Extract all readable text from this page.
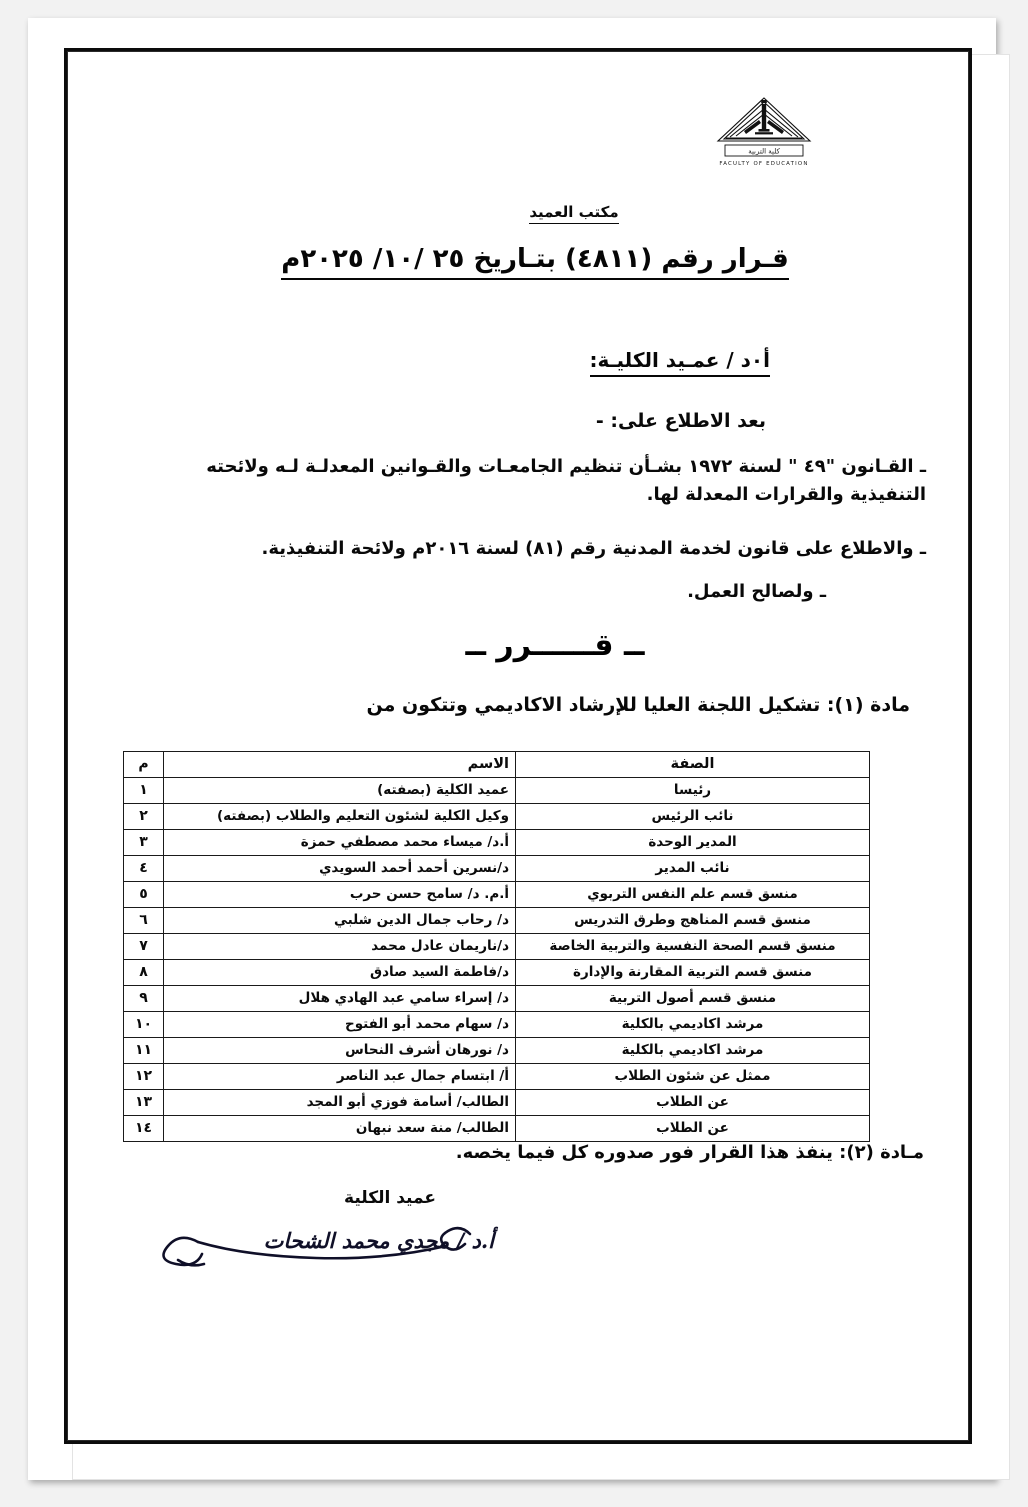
كلية التربية
FACULTY OF EDUCATION
مكتب العميد
قـرار رقم (٤٨١١) بتـاريخ ٢٥ /١٠/ ٢٠٢٥م
أ٠د / عمـيد الكليـة:
بعد الاطلاع على: -
ـ القـانون "٤٩ " لسنة ١٩٧٢ بشـأن تنظيم الجامعـات والقـوانين المعدلـة لـه ولائحته التنفيذية والقرارات المعدلة لها.
ـ والاطلاع على قانون لخدمة المدنية رقم (٨١) لسنة ٢٠١٦م ولائحة التنفيذية.
ـ ولصالح العمل.
ــ قــــــرر ــ
مادة (١): تشكيل اللجنة العليا للإرشاد الاكاديمي وتتكون من
الصفة	الاسم	م
رئيسا	عميد الكلية (بصفته)	١
نائب الرئيس	وكيل الكلية لشئون التعليم والطلاب (بصفته)	٢
المدير الوحدة	أ.د/ ميساء محمد مصطفي حمزة	٣
نائب المدير	د/نسرين أحمد أحمد السويدي	٤
منسق قسم علم النفس التربوي	أ.م. د/ سامح حسن حرب	٥
منسق قسم المناهج وطرق التدريس	د/ رحاب جمال الدين شلبي	٦
منسق قسم الصحة النفسية والتربية الخاصة	د/ناريمان عادل محمد	٧
منسق قسم التربية المقارنة والإدارة	د/فاطمة السيد صادق	٨
منسق قسم أصول التربية	د/ إسراء سامي عبد الهادي هلال	٩
مرشد اكاديمي بالكلية	د/ سهام محمد أبو الفتوح	١٠
مرشد اكاديمي بالكلية	د/ نورهان أشرف النحاس	١١
ممثل عن شئون الطلاب	أ/ ابتسام جمال عبد الناصر	١٢
عن الطلاب	الطالب/ أسامة فوزي أبو المجد	١٣
عن الطلاب	الطالب/ منة سعد نبهان	١٤
مـادة (٢): ينفذ هذا القرار فور صدوره كل فيما يخصه.
عميد الكلية
أ.د / مجدي محمد الشحات
